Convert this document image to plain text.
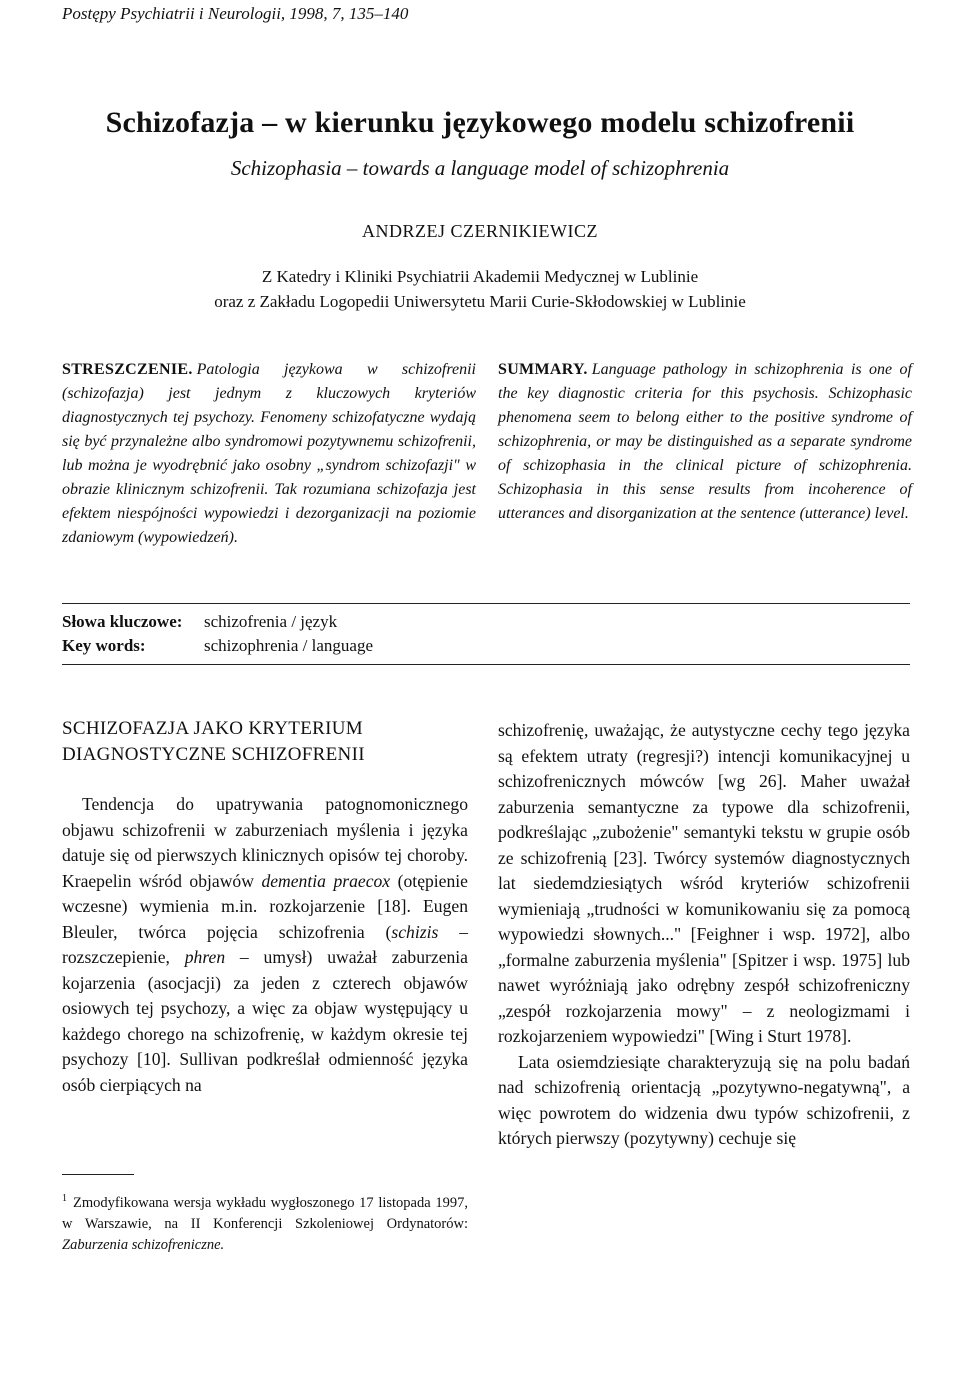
Postępy Psychiatrii i Neurologii, 1998, 7, 135–140
Schizofazja – w kierunku językowego modelu schizofrenii
Schizophasia – towards a language model of schizophrenia
ANDRZEJ CZERNIKIEWICZ
Z Katedry i Kliniki Psychiatrii Akademii Medycznej w Lublinie
oraz z Zakładu Logopedii Uniwersytetu Marii Curie-Skłodowskiej w Lublinie
STRESZCZENIE. Patologia językowa w schizofrenii (schizofazja) jest jednym z kluczowych kryteriów diagnostycznych tej psychozy. Fenomeny schizofatyczne wydają się być przynależne albo syndromowi pozytywnemu schizofrenii, lub można je wyodrębnić jako osobny „syndrom schizofazji" w obrazie klinicznym schizofrenii. Tak rozumiana schizofazja jest efektem niespójności wypowiedzi i dezorganizacji na poziomie zdaniowym (wypowiedzeń).
SUMMARY. Language pathology in schizophrenia is one of the key diagnostic criteria for this psychosis. Schizophasic phenomena seem to belong either to the positive syndrome of schizophrenia, or may be distinguished as a separate syndrome of schizophasia in the clinical picture of schizophrenia. Schizophasia in this sense results from incoherence of utterances and disorganization at the sentence (utterance) level.
Słowa kluczowe: schizofrenia / język
Key words:	schizophrenia / language
SCHIZOFAZJA JAKO KRYTERIUM
DIAGNOSTYCZNE SCHIZOFRENII

Tendencja do upatrywania patognomonicznego objawu schizofrenii w zaburzeniach myślenia i języka datuje się od pierwszych klinicznych opisów tej choroby. Kraepelin wśród objawów dementia praecox (otępienie wczesne) wymienia m.in. rozkojarzenie [18]. Eugen Bleuler, twórca pojęcia schizofrenia (schizis – rozszczepienie, phren – umysł) uważał zaburzenia kojarzenia (asocjacji) za jeden z czterech objawów osiowych tej psychozy, a więc za objaw występujący u każdego chorego na schizofrenię, w każdym okresie tej psychozy [10]. Sullivan podkreślał odmienność języka osób cierpiących na

$^1$ Zmodyfikowana wersja wykładu wygłoszonego 17 listopada 1997, w Warszawie, na II Konferencji Szkoleniowej Ordynatorów: Zaburzenia schizofreniczne.

schizofrenię, uważając, że autystyczne cechy tego języka są efektem utraty (regresji?) intencji komunikacyjnej u schizofrenicznych mówców [wg 26]. Maher uważał zaburzenia semantyczne za typowe dla schizofrenii, podkreślając „zubożenie" semantyki tekstu w grupie osób ze schizofrenią [23]. Twórcy systemów diagnostycznych lat siedemdziesiątych wśród kryteriów schizofrenii wymieniają „trudności w komunikowaniu się za pomocą wypowiedzi słownych..." [Feighner i wsp. 1972], albo „formalne zaburzenia myślenia" [Spitzer i wsp. 1975] lub nawet wyróżniają jako odrębny zespół schizofreniczny „zespół rozkojarzenia mowy" – z neologizmami i rozkojarzeniem wypowiedzi" [Wing i Sturt 1978].

Lata osiemdziesiąte charakteryzują się na polu badań nad schizofrenią orientacją „pozytywno-negatywną", a więc powrotem do widzenia dwu typów schizofrenii, z których pierwszy (pozytywny) cechuje się
